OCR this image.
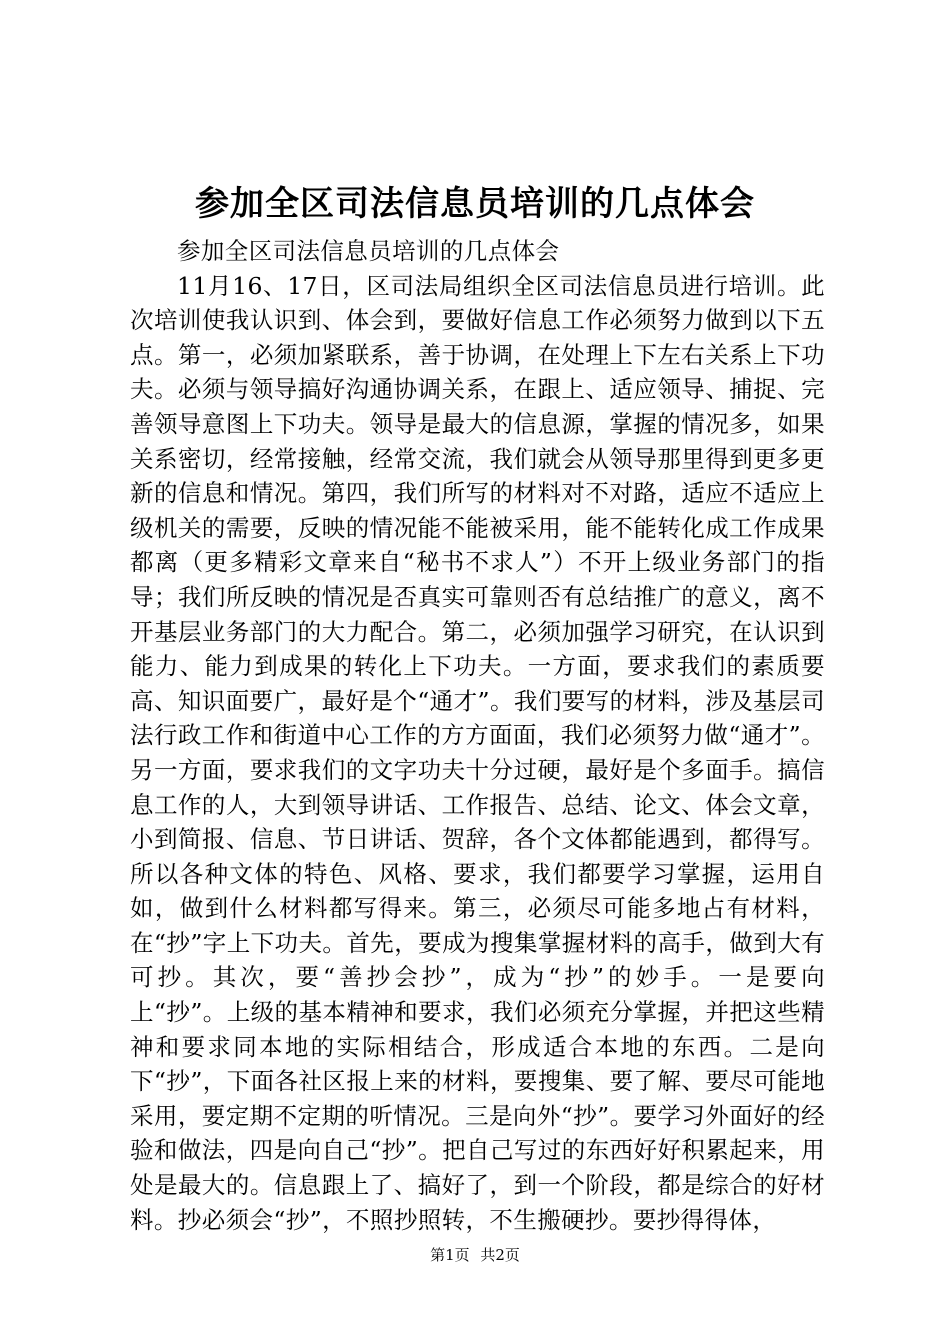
参加全区司法信息员培训的几点体会

参加全区司法信息员培训的几点体会

11月16、17日，区司法局组织全区司法信息员进行培训。此次培训使我认识到、体会到，要做好信息工作必须努力做到以下五点。第一，必须加紧联系，善于协调，在处理上下左右关系上下功夫。必须与领导搞好沟通协调关系，在跟上、适应领导、捕捉、完善领导意图上下功夫。领导是最大的信息源，掌握的情况多，如果关系密切，经常接触，经常交流，我们就会从领导那里得到更多更新的信息和情况。第四，我们所写的材料对不对路，适应不适应上级机关的需要，反映的情况能不能被采用，能不能转化成工作成果都离（更多精彩文章来自“秘书不求人”）不开上级业务部门的指导；我们所反映的情况是否真实可靠则否有总结推广的意义，离不开基层业务部门的大力配合。第二，必须加强学习研究，在认识到能力、能力到成果的转化上下功夫。一方面，要求我们的素质要高、知识面要广，最好是个“通才”。我们要写的材料，涉及基层司法行政工作和街道中心工作的方方面面，我们必须努力做“通才”。另一方面，要求我们的文字功夫十分过硬，最好是个多面手。搞信息工作的人，大到领导讲话、工作报告、总结、论文、体会文章，小到简报、信息、节日讲话、贺辞，各个文体都能遇到，都得写。所以各种文体的特色、风格、要求，我们都要学习掌握，运用自如，做到什么材料都写得来。第三，必须尽可能多地占有材料，在“抄”字上下功夫。首先，要成为搜集掌握材料的高手，做到大有可抄。其次，要“善抄会抄”，成为“抄”的妙手。一是要向上“抄”。上级的基本精神和要求，我们必须充分掌握，并把这些精神和要求同本地的实际相结合，形成适合本地的东西。二是向下“抄”，下面各社区报上来的材料，要搜集、要了解、要尽可能地采用，要定期不定期的听情况。三是向外“抄”。要学习外面好的经验和做法，四是向自己“抄”。把自己写过的东西好好积累起来，用处是最大的。信息跟上了、搞好了，到一个阶段，都是综合的好材料。抄必须会“抄”，不照抄照转，不生搬硬抄。要抄得得体，

第1页 共2页
